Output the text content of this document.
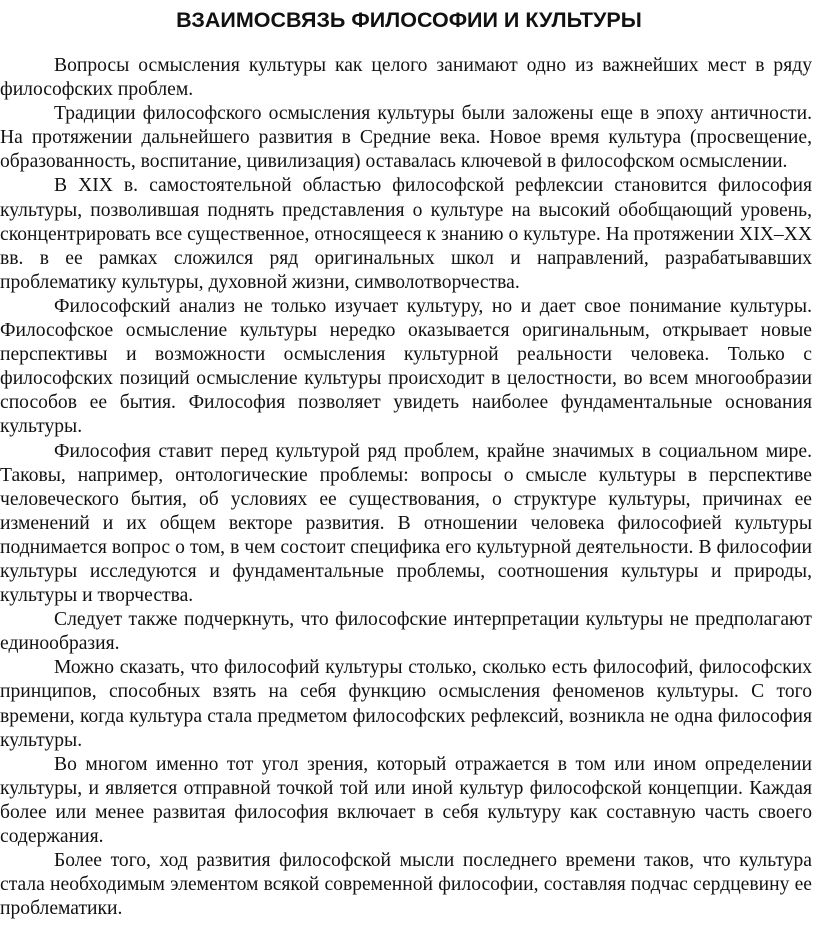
ВЗАИМОСВЯЗЬ ФИЛОСОФИИ И КУЛЬТУРЫ

Вопросы осмысления культуры как целого занимают одно из важнейших мест в ряду философских проблем.

Традиции философского осмысления культуры были заложены еще в эпоху античности. На протяжении дальнейшего развития в Средние века. Новое время культура (просвещение, образованность, воспитание, цивилизация) оставалась ключевой в философском осмыслении.

В XIX в. самостоятельной областью философской рефлексии становится философия культуры, позволившая поднять представления о культуре на высокий обобщающий уровень, сконцентрировать все существенное, относящееся к знанию о культуре. На протяжении XIX–XX вв. в ее рамках сложился ряд оригинальных школ и направлений, разрабатывавших проблематику культуры, духовной жизни, символотворчества.

Философский анализ не только изучает культуру, но и дает свое понимание культуры. Философское осмысление культуры нередко оказывается оригинальным, открывает новые перспективы и возможности осмысления культурной реальности человека. Только с философских позиций осмысление культуры происходит в целостности, во всем многообразии способов ее бытия. Философия позволяет увидеть наиболее фундаментальные основания культуры.

Философия ставит перед культурой ряд проблем, крайне значимых в социальном мире. Таковы, например, онтологические проблемы: вопросы о смысле культуры в перспективе человеческого бытия, об условиях ее существования, о структуре культуры, причинах ее изменений и их общем векторе развития. В отношении человека философией культуры поднимается вопрос о том, в чем состоит специфика его культурной деятельности. В философии культуры исследуются и фундаментальные проблемы, соотношения культуры и природы, культуры и творчества.

Следует также подчеркнуть, что философские интерпретации культуры не предполагают единообразия.

Можно сказать, что философий культуры столько, сколько есть философий, философских принципов, способных взять на себя функцию осмысления феноменов культуры. С того времени, когда культура стала предметом философских рефлексий, возникла не одна философия культуры.

Во многом именно тот угол зрения, который отражается в том или ином определении культуры, и является отправной точкой той или иной культур философской концепции. Каждая более или менее развитая философия включает в себя культуру как составную часть своего содержания.

Более того, ход развития философской мысли последнего времени таков, что культура стала необходимым элементом всякой современной философии, составляя подчас сердцевину ее проблематики.
